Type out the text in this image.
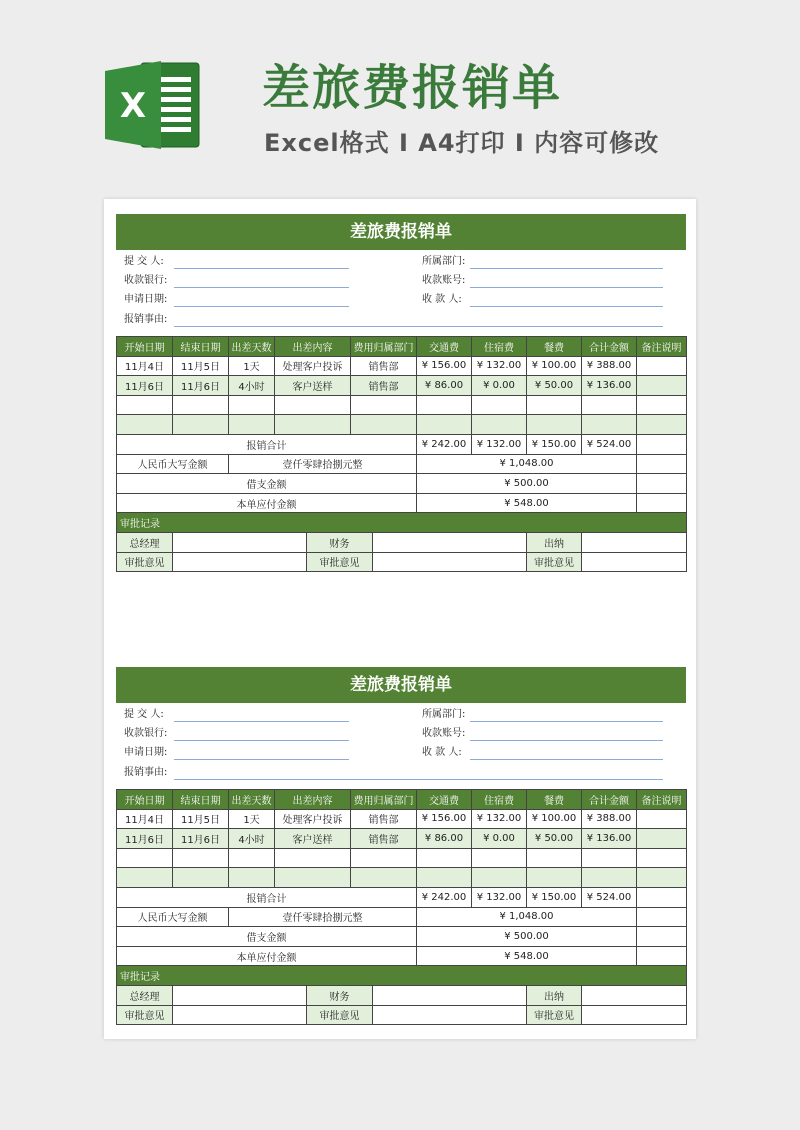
X 差旅费报销单
Excel格式 I A4打印 I 内容可修改
差旅费报销单
提 交 人:	所属部门:
收款银行:	收款账号:
申请日期:	收 款 人:
报销事由:
开始日期	结束日期	出差天数	出差内容	费用归属部门	交通费	住宿费	餐费	合计金额	备注说明
11月4日	11月5日	1天	处理客户投诉	销售部	¥ 156.00	¥ 132.00	¥ 100.00	¥ 388.00	
11月6日	11月6日	4小时	客户送样	销售部	¥ 86.00	¥ 0.00	¥ 50.00	¥ 136.00	

报销合计					¥ 242.00	¥ 132.00	¥ 150.00	¥ 524.00	
人民币大写金额		壹仟零肆拾捌元整			¥ 1,048.00				
借支金额					¥ 500.00				
本单应付金额					¥ 548.00				
审批记录					
总经理		财务		出纳	
审批意见		审批意见		审批意见	
差旅费报销单
提 交 人:	所属部门:
收款银行:	收款账号:
申请日期:	收 款 人:
报销事由:
开始日期	结束日期	出差天数	出差内容	费用归属部门	交通费	住宿费	餐费	合计金额	备注说明
11月4日	11月5日	1天	处理客户投诉	销售部	¥ 156.00	¥ 132.00	¥ 100.00	¥ 388.00	
11月6日	11月6日	4小时	客户送样	销售部	¥ 86.00	¥ 0.00	¥ 50.00	¥ 136.00	

报销合计					¥ 242.00	¥ 132.00	¥ 150.00	¥ 524.00	
人民币大写金额		壹仟零肆拾捌元整			¥ 1,048.00				
借支金额					¥ 500.00				
本单应付金额					¥ 548.00				
审批记录					
总经理		财务		出纳	
审批意见		审批意见		审批意见	
